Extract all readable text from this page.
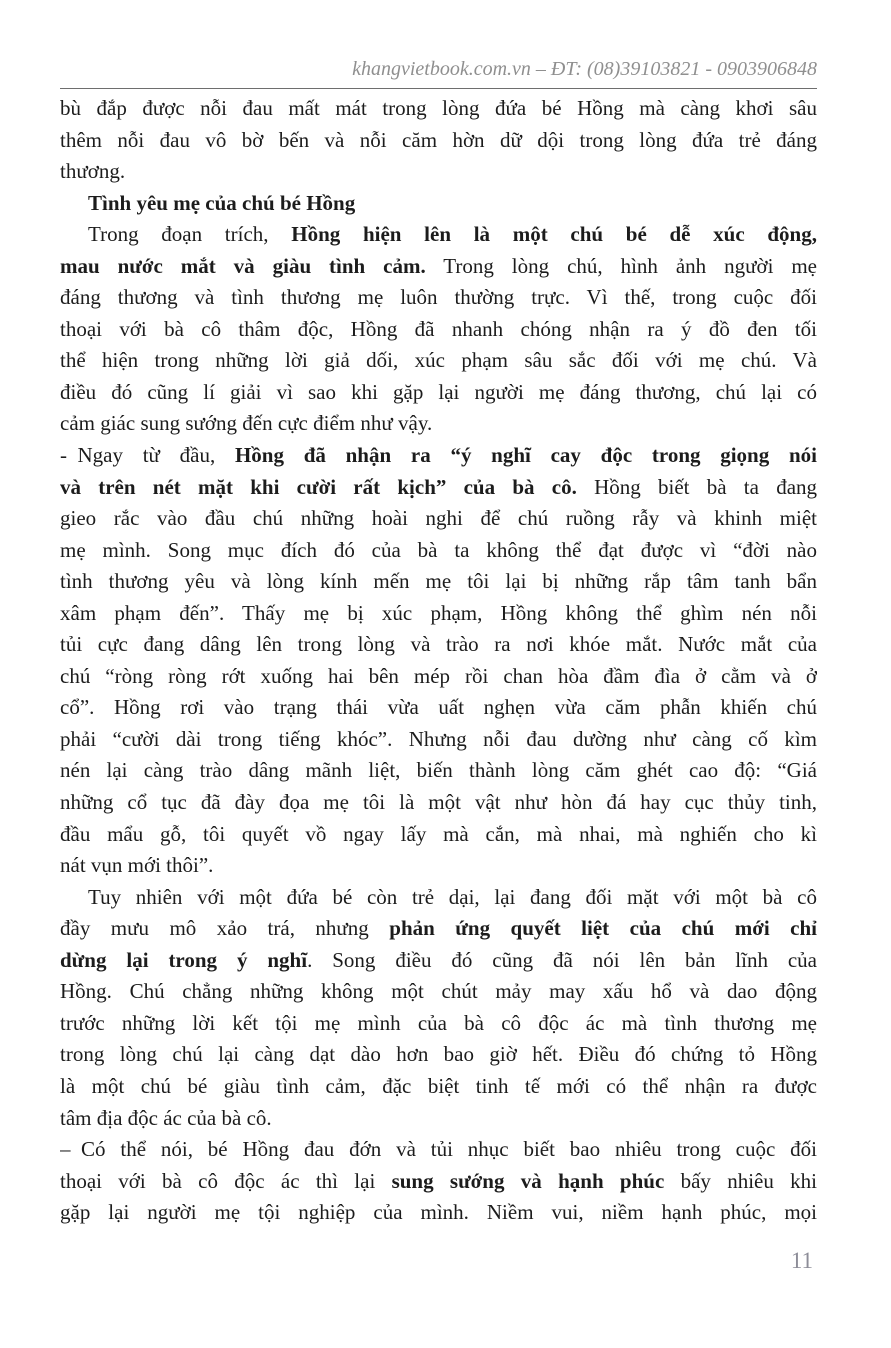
khangvietbook.com.vn – ĐT: (08)39103821 - 0903906848
bù đắp được nỗi đau mất mát trong lòng đứa bé Hồng mà càng khơi sâu
thêm nỗi đau vô bờ bến và nỗi căm hờn dữ dội trong lòng đứa trẻ đáng
thương.
Tình yêu mẹ của chú bé Hồng
Trong đoạn trích, Hồng hiện lên là một chú bé dễ xúc động,
mau nước mắt và giàu tình cảm. Trong lòng chú, hình ảnh người mẹ
đáng thương và tình thương mẹ luôn thường trực. Vì thế, trong cuộc đối
thoại với bà cô thâm độc, Hồng đã nhanh chóng nhận ra ý đồ đen tối
thể hiện trong những lời giả dối, xúc phạm sâu sắc đối với mẹ chú. Và
điều đó cũng lí giải vì sao khi gặp lại người mẹ đáng thương, chú lại có
cảm giác sung sướng đến cực điểm như vậy.
- Ngay từ đầu, Hồng đã nhận ra “ý nghĩ cay độc trong giọng nói
và trên nét mặt khi cười rất kịch” của bà cô. Hồng biết bà ta đang
gieo rắc vào đầu chú những hoài nghi để chú ruồng rẫy và khinh miệt
mẹ mình. Song mục đích đó của bà ta không thể đạt được vì “đời nào
tình thương yêu và lòng kính mến mẹ tôi lại bị những rắp tâm tanh bẩn
xâm phạm đến”. Thấy mẹ bị xúc phạm, Hồng không thể ghìm nén nỗi
tủi cực đang dâng lên trong lòng và trào ra nơi khóe mắt. Nước mắt của
chú “ròng ròng rớt xuống hai bên mép rồi chan hòa đầm đìa ở cằm và ở
cổ”. Hồng rơi vào trạng thái vừa uất nghẹn vừa căm phẫn khiến chú
phải “cười dài trong tiếng khóc”. Nhưng nỗi đau dường như càng cố kìm
nén lại càng trào dâng mãnh liệt, biến thành lòng căm ghét cao độ: “Giá
những cổ tục đã đày đọa mẹ tôi là một vật như hòn đá hay cục thủy tinh,
đầu mẩu gỗ, tôi quyết vồ ngay lấy mà cắn, mà nhai, mà nghiến cho kì
nát vụn mới thôi”.
Tuy nhiên với một đứa bé còn trẻ dại, lại đang đối mặt với một bà cô
đầy mưu mô xảo trá, nhưng phản ứng quyết liệt của chú mới chỉ
dừng lại trong ý nghĩ. Song điều đó cũng đã nói lên bản lĩnh của
Hồng. Chú chẳng những không một chút mảy may xấu hổ và dao động
trước những lời kết tội mẹ mình của bà cô độc ác mà tình thương mẹ
trong lòng chú lại càng dạt dào hơn bao giờ hết. Điều đó chứng tỏ Hồng
là một chú bé giàu tình cảm, đặc biệt tinh tế mới có thể nhận ra được
tâm địa độc ác của bà cô.
– Có thể nói, bé Hồng đau đớn và tủi nhục biết bao nhiêu trong cuộc đối
thoại với bà cô độc ác thì lại sung sướng và hạnh phúc bấy nhiêu khi
gặp lại người mẹ tội nghiệp của mình. Niềm vui, niềm hạnh phúc, mọi
11
